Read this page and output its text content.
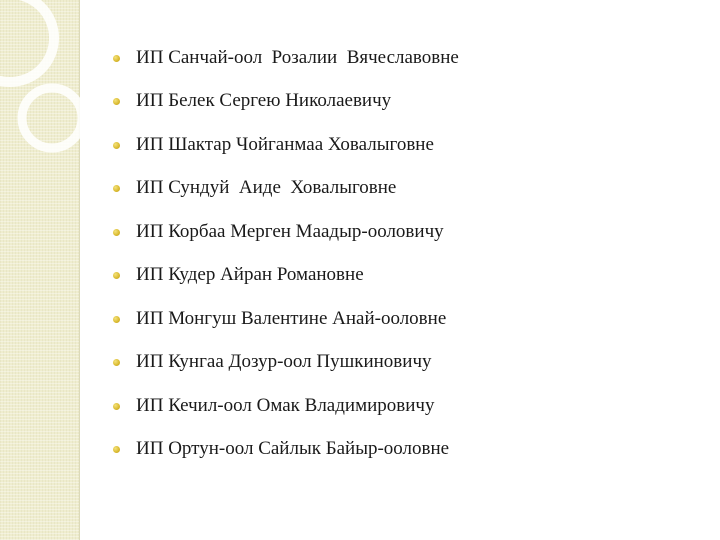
ИП Санчай-оол  Розалии  Вячеславовне
ИП Белек Сергею Николаевичу
ИП Шактар Чойганмаа Ховалыговне
ИП Сундуй  Аиде  Ховалыговне
ИП Корбаа Мерген Маадыр-ооловичу
ИП Кудер Айран Романовне
ИП Монгуш Валентине Анай-ооловне
ИП Кунгаа Дозур-оол Пушкиновичу
ИП Кечил-оол Омак Владимировичу
ИП Ортун-оол Сайлык Байыр-ооловне
